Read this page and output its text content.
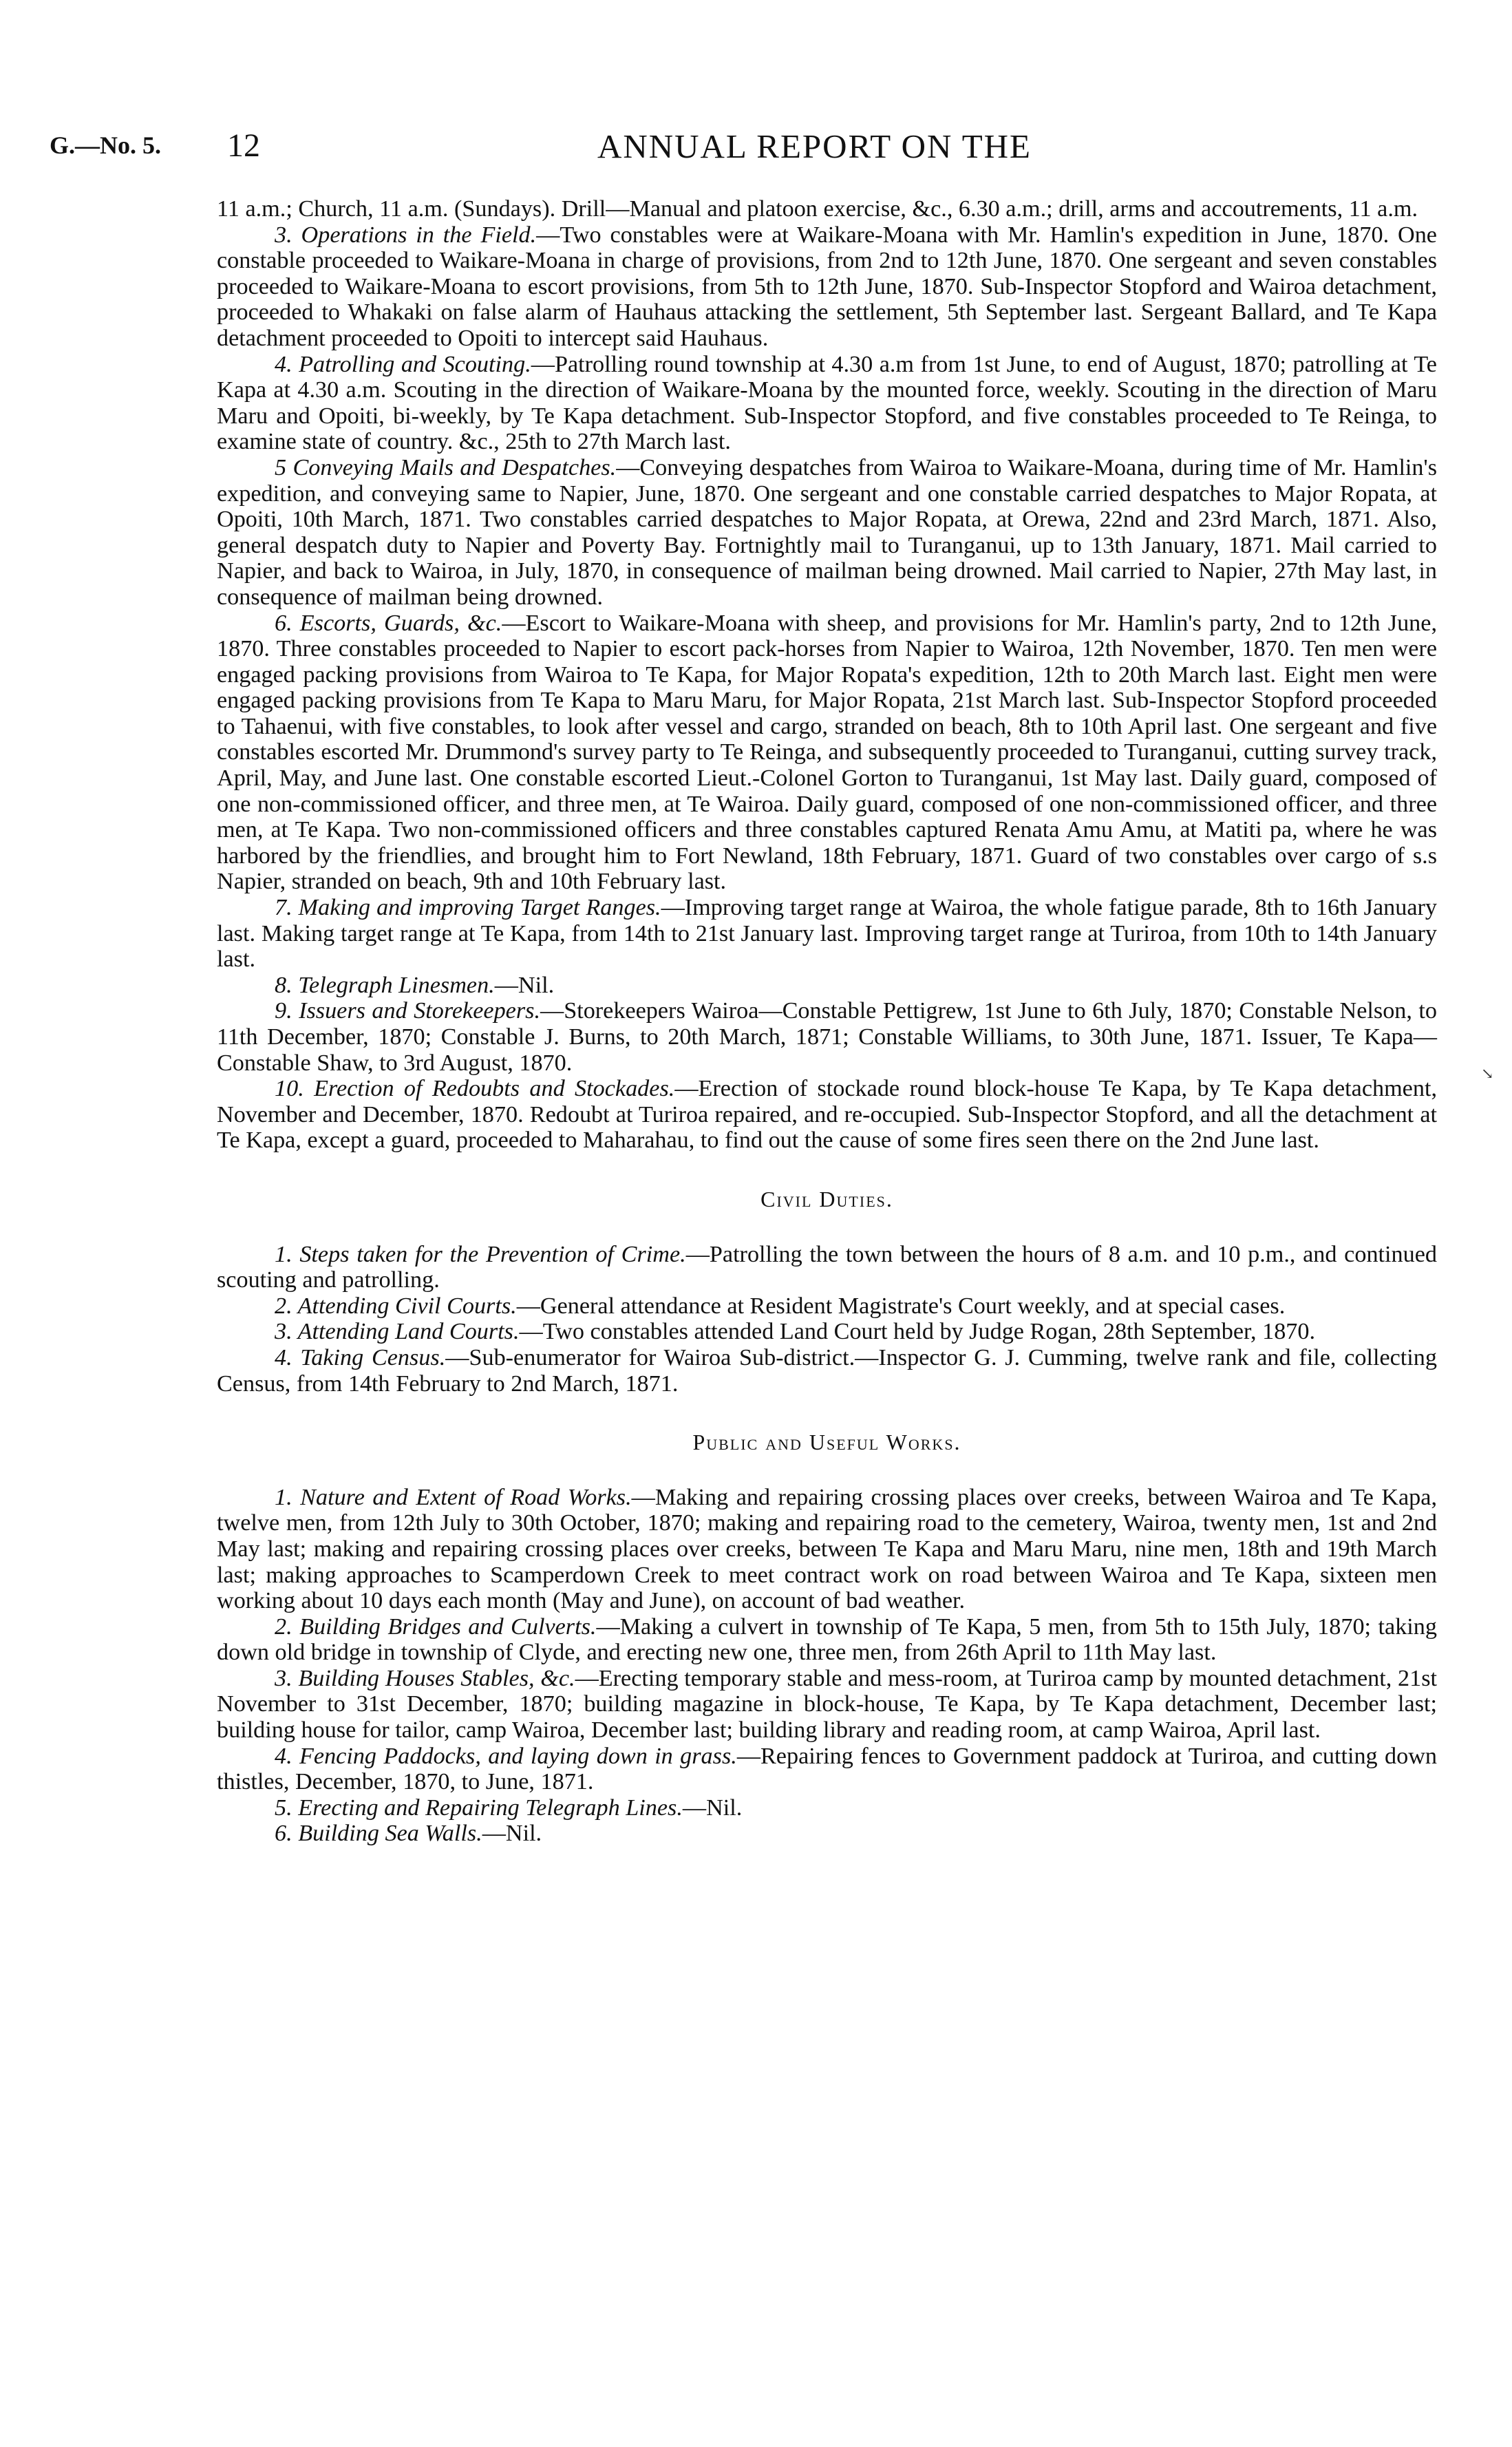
G.—No. 5. 12	ANNUAL REPORT ON THE

11 a.m.; Church, 11 a.m. (Sundays). Drill—Manual and platoon exercise, &c., 6.30 a.m.; drill, arms and accoutrements, 11 a.m.

3. Operations in the Field.—Two constables were at Waikare-Moana with Mr. Hamlin's expedition in June, 1870. One constable proceeded to Waikare-Moana in charge of provisions, from 2nd to 12th June, 1870. One sergeant and seven constables proceeded to Waikare-Moana to escort provisions, from 5th to 12th June, 1870. Sub-Inspector Stopford and Wairoa detachment, proceeded to Whakaki on false alarm of Hauhaus attacking the settlement, 5th September last. Sergeant Ballard, and Te Kapa detachment proceeded to Opoiti to intercept said Hauhaus.

4. Patrolling and Scouting.—Patrolling round township at 4.30 a.m from 1st June, to end of August, 1870; patrolling at Te Kapa at 4.30 a.m. Scouting in the direction of Waikare-Moana by the mounted force, weekly. Scouting in the direction of Maru Maru and Opoiti, bi-weekly, by Te Kapa detachment. Sub-Inspector Stopford, and five constables proceeded to Te Reinga, to examine state of country. &c., 25th to 27th March last.

5 Conveying Mails and Despatches.—Conveying despatches from Wairoa to Waikare-Moana, during time of Mr. Hamlin's expedition, and conveying same to Napier, June, 1870. One sergeant and one constable carried despatches to Major Ropata, at Opoiti, 10th March, 1871. Two constables carried despatches to Major Ropata, at Orewa, 22nd and 23rd March, 1871. Also, general despatch duty to Napier and Poverty Bay. Fortnightly mail to Turanganui, up to 13th January, 1871. Mail carried to Napier, and back to Wairoa, in July, 1870, in consequence of mailman being drowned. Mail carried to Napier, 27th May last, in consequence of mailman being drowned.

6. Escorts, Guards, &c.—Escort to Waikare-Moana with sheep, and provisions for Mr. Hamlin's party, 2nd to 12th June, 1870. Three constables proceeded to Napier to escort pack-horses from Napier to Wairoa, 12th November, 1870. Ten men were engaged packing provisions from Wairoa to Te Kapa, for Major Ropata's expedition, 12th to 20th March last. Eight men were engaged packing provisions from Te Kapa to Maru Maru, for Major Ropata, 21st March last. Sub-Inspector Stopford proceeded to Tahaenui, with five constables, to look after vessel and cargo, stranded on beach, 8th to 10th April last. One sergeant and five constables escorted Mr. Drummond's survey party to Te Reinga, and subsequently proceeded to Turanganui, cutting survey track, April, May, and June last. One constable escorted Lieut.-Colonel Gorton to Turanganui, 1st May last. Daily guard, composed of one non-commissioned officer, and three men, at Te Wairoa. Daily guard, composed of one non-commissioned officer, and three men, at Te Kapa. Two non-commissioned officers and three constables captured Renata Amu Amu, at Matiti pa, where he was harbored by the friendlies, and brought him to Fort Newland, 18th February, 1871. Guard of two constables over cargo of s.s Napier, stranded on beach, 9th and 10th February last.

7. Making and improving Target Ranges.—Improving target range at Wairoa, the whole fatigue parade, 8th to 16th January last. Making target range at Te Kapa, from 14th to 21st January last. Improving target range at Turiroa, from 10th to 14th January last.

8. Telegraph Linesmen.—Nil.

9. Issuers and Storekeepers.—Storekeepers Wairoa—Constable Pettigrew, 1st June to 6th July, 1870; Constable Nelson, to 11th December, 1870; Constable J. Burns, to 20th March, 1871; Constable Williams, to 30th June, 1871. Issuer, Te Kapa—Constable Shaw, to 3rd August, 1870.

10. Erection of Redoubts and Stockades.—Erection of stockade round block-house Te Kapa, by Te Kapa detachment, November and December, 1870. Redoubt at Turiroa repaired, and re-occupied. Sub-Inspector Stopford, and all the detachment at Te Kapa, except a guard, proceeded to Maharahau, to find out the cause of some fires seen there on the 2nd June last.

Civil Duties.

1. Steps taken for the Prevention of Crime.—Patrolling the town between the hours of 8 a.m. and 10 p.m., and continued scouting and patrolling.

2. Attending Civil Courts.—General attendance at Resident Magistrate's Court weekly, and at special cases.

3. Attending Land Courts.—Two constables attended Land Court held by Judge Rogan, 28th September, 1870.

4. Taking Census.—Sub-enumerator for Wairoa Sub-district.—Inspector G. J. Cumming, twelve rank and file, collecting Census, from 14th February to 2nd March, 1871.

Public and Useful Works.

1. Nature and Extent of Road Works.—Making and repairing crossing places over creeks, between Wairoa and Te Kapa, twelve men, from 12th July to 30th October, 1870; making and repairing road to the cemetery, Wairoa, twenty men, 1st and 2nd May last; making and repairing crossing places over creeks, between Te Kapa and Maru Maru, nine men, 18th and 19th March last; making approaches to Scamperdown Creek to meet contract work on road between Wairoa and Te Kapa, sixteen men working about 10 days each month (May and June), on account of bad weather.

2. Building Bridges and Culverts.—Making a culvert in township of Te Kapa, 5 men, from 5th to 15th July, 1870; taking down old bridge in township of Clyde, and erecting new one, three men, from 26th April to 11th May last.

3. Building Houses Stables, &c.—Erecting temporary stable and mess-room, at Turiroa camp by mounted detachment, 21st November to 31st December, 1870; building magazine in block-house, Te Kapa, by Te Kapa detachment, December last; building house for tailor, camp Wairoa, December last; building library and reading room, at camp Wairoa, April last.

4. Fencing Paddocks, and laying down in grass.—Repairing fences to Government paddock at Turiroa, and cutting down thistles, December, 1870, to June, 1871.

5. Erecting and Repairing Telegraph Lines.—Nil.

6. Building Sea Walls.—Nil.

↘
